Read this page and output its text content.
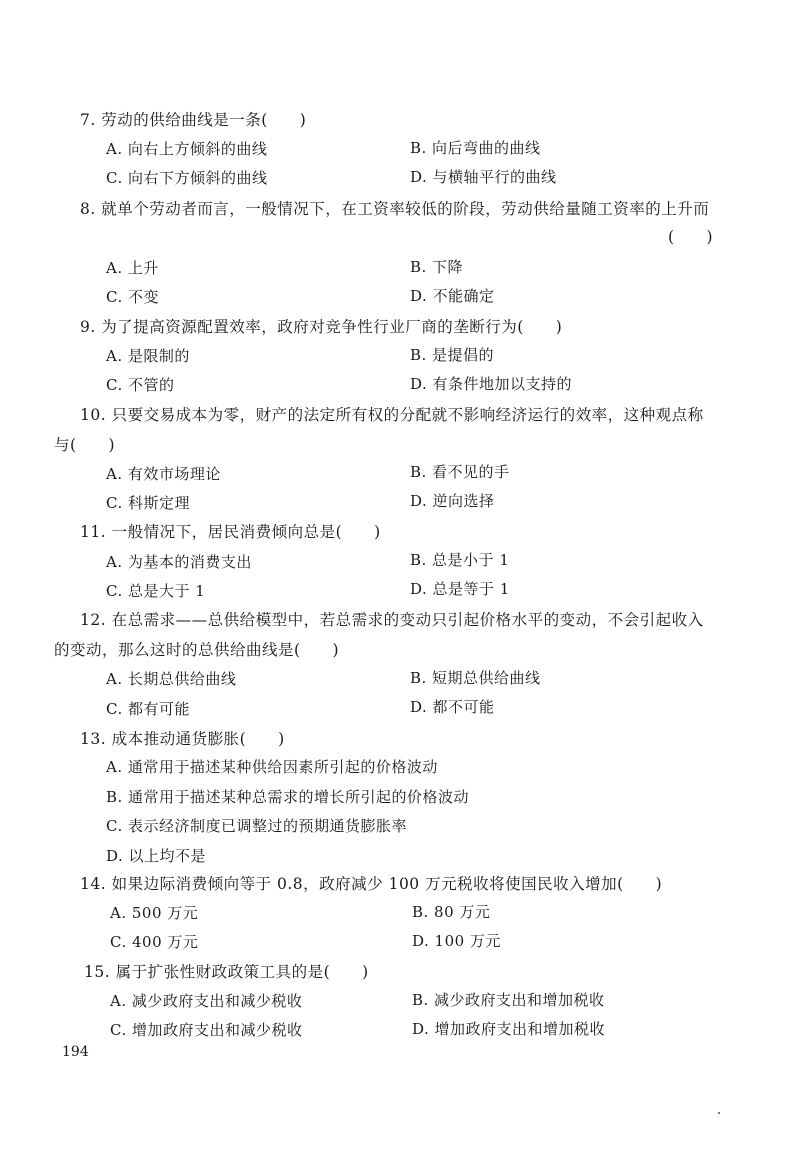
7. 劳动的供给曲线是一条(　　)
A. 向右上方倾斜的曲线	B. 向后弯曲的曲线
C. 向右下方倾斜的曲线	D. 与横轴平行的曲线
8. 就单个劳动者而言，一般情况下，在工资率较低的阶段，劳动供给量随工资率的上升而
(　　)
A. 上升	B. 下降
C. 不变	D. 不能确定
9. 为了提高资源配置效率，政府对竞争性行业厂商的垄断行为(　　)
A. 是限制的	B. 是提倡的
C. 不管的	D. 有条件地加以支持的
10. 只要交易成本为零，财产的法定所有权的分配就不影响经济运行的效率，这种观点称
与(　　)
A. 有效市场理论	B. 看不见的手
C. 科斯定理	D. 逆向选择
11. 一般情况下，居民消费倾向总是(　　)
A. 为基本的消费支出	B. 总是小于 1
C. 总是大于 1	D. 总是等于 1
12. 在总需求——总供给模型中，若总需求的变动只引起价格水平的变动，不会引起收入
的变动，那么这时的总供给曲线是(　　)
A. 长期总供给曲线	B. 短期总供给曲线
C. 都有可能	D. 都不可能
13. 成本推动通货膨胀(　　)
A. 通常用于描述某种供给因素所引起的价格波动
B. 通常用于描述某种总需求的增长所引起的价格波动
C. 表示经济制度已调整过的预期通货膨胀率
D. 以上均不是
14. 如果边际消费倾向等于 0.8，政府减少 100 万元税收将使国民收入增加(　　)
A. 500 万元	B. 80 万元
C. 400 万元	D. 100 万元
15. 属于扩张性财政政策工具的是(　　)
A. 减少政府支出和减少税收	B. 减少政府支出和增加税收
C. 增加政府支出和减少税收	D. 增加政府支出和增加税收
194
